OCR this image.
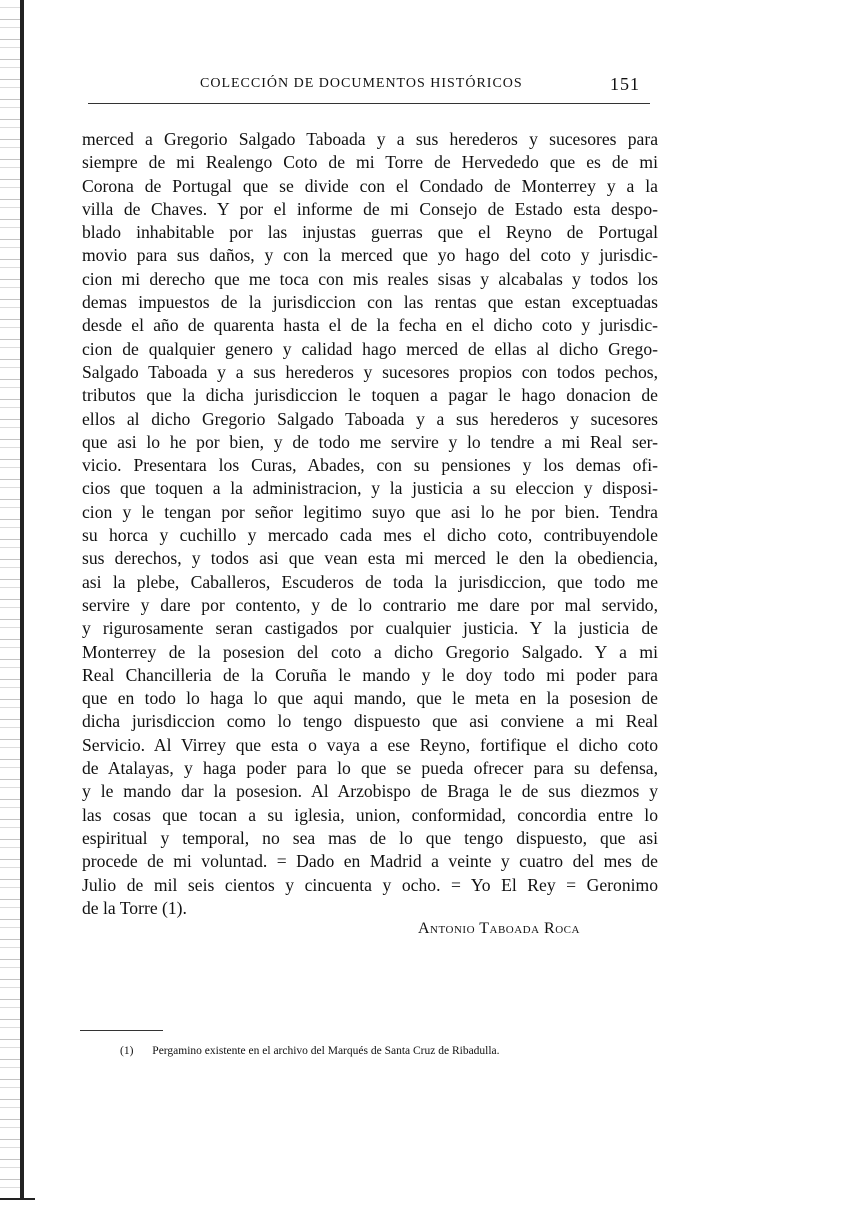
COLECCIÓN DE DOCUMENTOS HISTÓRICOS	151
merced a Gregorio Salgado Taboada y a sus herederos y sucesores para
siempre de mi Realengo Coto de mi Torre de Hervededo que es de mi
Corona de Portugal que se divide con el Condado de Monterrey y a la
villa de Chaves. Y por el informe de mi Consejo de Estado esta despo-
blado inhabitable por las injustas guerras que el Reyno de Portugal
movio para sus daños, y con la merced que yo hago del coto y jurisdic-
cion mi derecho que me toca con mis reales sisas y alcabalas y todos los
demas impuestos de la jurisdiccion con las rentas que estan exceptuadas
desde el año de quarenta hasta el de la fecha en el dicho coto y jurisdic-
cion de qualquier genero y calidad hago merced de ellas al dicho Grego-
Salgado Taboada y a sus herederos y sucesores propios con todos pechos,
tributos que la dicha jurisdiccion le toquen a pagar le hago donacion de
ellos al dicho Gregorio Salgado Taboada y a sus herederos y sucesores
que asi lo he por bien, y de todo me servire y lo tendre a mi Real ser-
vicio. Presentara los Curas, Abades, con su pensiones y los demas ofi-
cios que toquen a la administracion, y la justicia a su eleccion y disposi-
cion y le tengan por señor legitimo suyo que asi lo he por bien. Tendra
su horca y cuchillo y mercado cada mes el dicho coto, contribuyendole
sus derechos, y todos asi que vean esta mi merced le den la obediencia,
asi la plebe, Caballeros, Escuderos de toda la jurisdiccion, que todo me
servire y dare por contento, y de lo contrario me dare por mal servido,
y rigurosamente seran castigados por cualquier justicia. Y la justicia de
Monterrey de la posesion del coto a dicho Gregorio Salgado. Y a mi
Real Chancilleria de la Coruña le mando y le doy todo mi poder para
que en todo lo haga lo que aqui mando, que le meta en la posesion de
dicha jurisdiccion como lo tengo dispuesto que asi conviene a mi Real
Servicio. Al Virrey que esta o vaya a ese Reyno, fortifique el dicho coto
de Atalayas, y haga poder para lo que se pueda ofrecer para su defensa,
y le mando dar la posesion. Al Arzobispo de Braga le de sus diezmos y
las cosas que tocan a su iglesia, union, conformidad, concordia entre lo
espiritual y temporal, no sea mas de lo que tengo dispuesto, que asi
procede de mi voluntad. = Dado en Madrid a veinte y cuatro del mes de
Julio de mil seis cientos y cincuenta y ocho. = Yo El Rey = Geronimo
de la Torre (1).
Antonio Taboada Roca
(1) Pergamino existente en el archivo del Marqués de Santa Cruz de Ribadulla.
